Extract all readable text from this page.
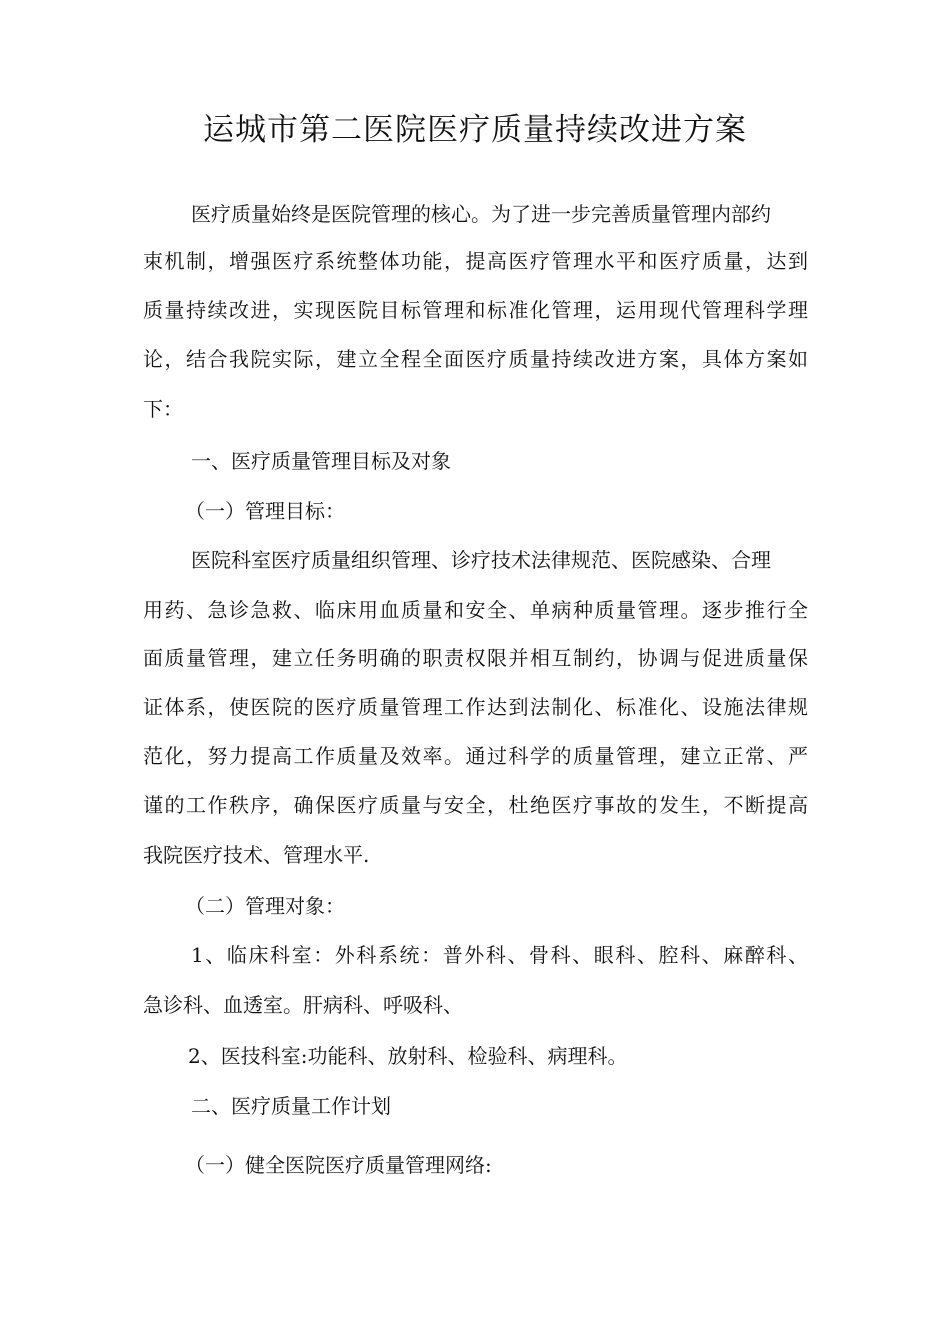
运城市第二医院医疗质量持续改进方案
医疗质量始终是医院管理的核心。为了进一步完善质量管理内部约
束机制，增强医疗系统整体功能，提高医疗管理水平和医疗质量，达到
质量持续改进，实现医院目标管理和标准化管理，运用现代管理科学理
论，结合我院实际，建立全程全面医疗质量持续改进方案，具体方案如
下：
一、医疗质量管理目标及对象
（一）管理目标：
医院科室医疗质量组织管理、诊疗技术法律规范、医院感染、合理
用药、急诊急救、临床用血质量和安全、单病种质量管理。逐步推行全
面质量管理，建立任务明确的职责权限并相互制约，协调与促进质量保
证体系，使医院的医疗质量管理工作达到法制化、标准化、设施法律规
范化，努力提高工作质量及效率。通过科学的质量管理，建立正常、严
谨的工作秩序，确保医疗质量与安全，杜绝医疗事故的发生，不断提高
我院医疗技术、管理水平.
（二）管理对象：
1、临床科室：外科系统：普外科、骨科、眼科、腔科、麻醉科、
急诊科、血透室。肝病科、呼吸科、
2、医技科室:功能科、放射科、检验科、病理科。
二、医疗质量工作计划
（一）健全医院医疗质量管理网络:
